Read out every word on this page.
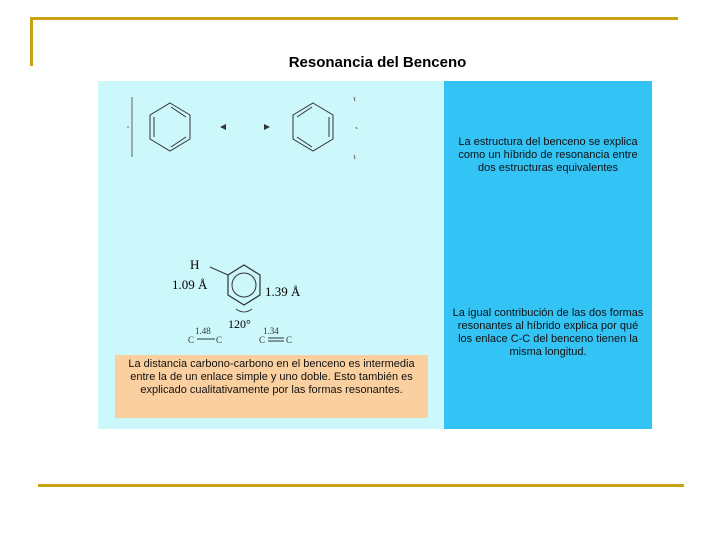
Resonancia del Benceno
H
1.09 Å	1.39 Å
120°
1.48
C C
1.34
C C
La distancia carbono-carbono en el benceno es intermedia entre la de un enlace simple y uno doble. Esto también es explicado cualitativamente por las formas resonantes.
La estructura del benceno se explica como un híbrido de resonancia entre dos estructuras equivalentes
La igual contribución de las dos formas resonantes al híbrido explica por qué los enlace C-C del benceno tienen la misma longitud.
